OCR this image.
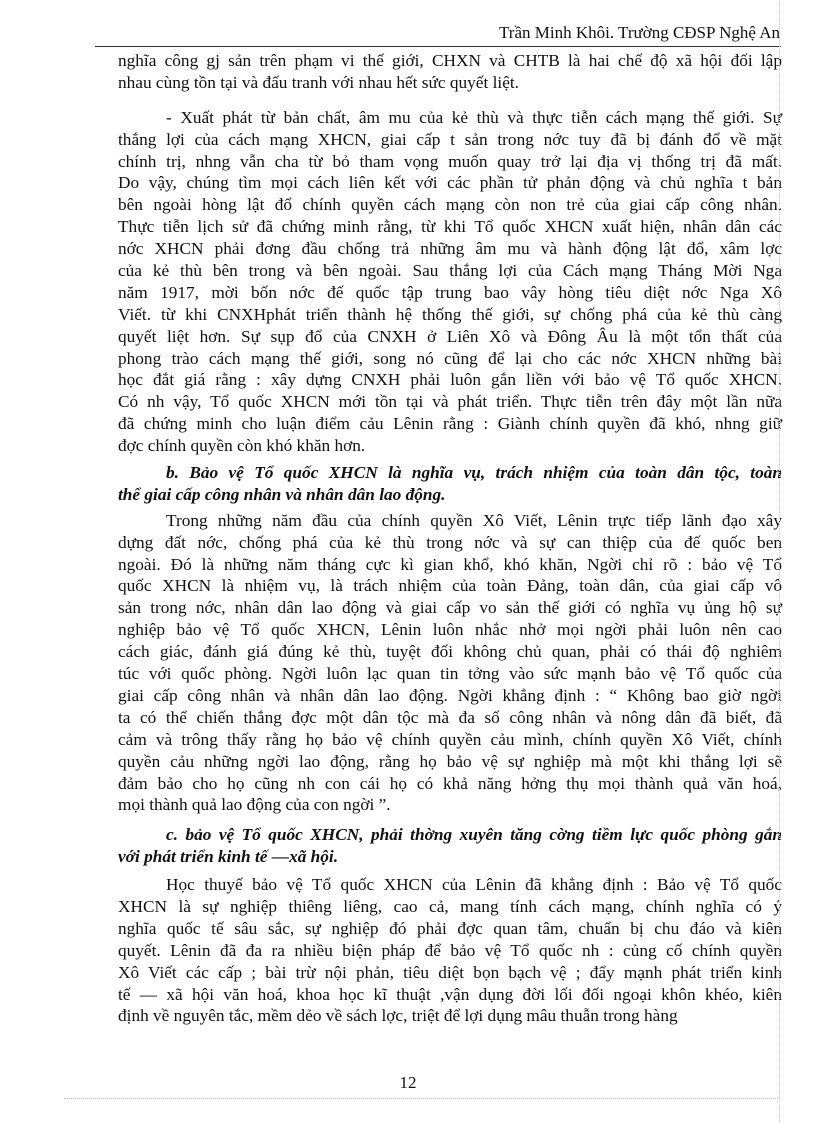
Trần Minh Khôi. Trường CĐSP Nghệ An
nghĩa công gj sản trên phạm vi thế giới, CHXN và CHTB là hai chế độ xã hội đối lập
nhau cùng tồn tại và đấu tranh với nhau hết sức quyết liệt.
- Xuất phát từ bản chất, âm mu của kẻ thù và thực tiễn cách mạng thế giới. Sự
thắng lợi của cách mạng XHCN, giai cấp t sản trong nớc tuy đã bị đánh đổ về mặt
chính trị, nhng vẫn cha từ bỏ tham vọng muốn quay trở lại địa vị thống trị đã mất.
Do vậy, chúng tìm mọi cách liên kết với các phần tử phản động và chủ nghĩa t bản
bên ngoài hòng lật đổ chính quyền cách mạng còn non trẻ của giai cấp công nhân.
Thực tiễn lịch sử đã chứng minh rằng, từ khi Tổ quốc XHCN xuất hiện, nhân dân các
nớc XHCN phải đơng đầu chống trả những âm mu và hành động lật đổ, xâm lợc
của kẻ thù bên trong và bên ngoài. Sau thắng lợi của Cách mạng Tháng Mời Nga
năm 1917, mời bốn nớc đế quốc tập trung bao vây hòng tiêu diệt nớc Nga Xô
Viết. từ khi CNXHphát triển thành hệ thống thế giới, sự chống phá của kẻ thù càng
quyết liệt hơn. Sự sụp đổ của CNXH ở Liên Xô và Đông Âu là một tổn thất của
phong trào cách mạng thế giới, song nó cũng để lại cho các nớc XHCN những bài
học đắt giá rằng : xây dựng CNXH phải luôn gắn liền với bảo vệ Tổ quốc XHCN.
Có nh vậy, Tổ quốc XHCN mới tồn tại và phát triển. Thực tiễn trên đây một lần nữa
đã chứng minh cho luận điểm cảu Lênin rằng : Giành chính quyền đã khó, nhng giữ
đợc chính quyền còn khó khăn hơn.
b. Bảo vệ Tổ quốc XHCN là nghĩa vụ, trách nhiệm của toàn dân tộc, toàn
thể giai cấp công nhân và nhân dân lao động.
Trong những năm đầu của chính quyền Xô Viết, Lênin trực tiếp lãnh đạo xây
dựng đất nớc, chống phá của kẻ thù trong nớc và sự can thiệp của đế quốc ben
ngoài. Đó là những năm tháng cực kì gian khổ, khó khăn, Ngời chỉ rõ : bảo vệ Tổ
quốc XHCN là nhiệm vụ, là trách nhiệm của toàn Đảng, toàn dân, của giai cấp vô
sản trong nớc, nhân dân lao động và giai cấp vo sản thế giới có nghĩa vụ ủng hộ sự
nghiệp bảo vệ Tổ quốc XHCN, Lênin luôn nhắc nhở mọi ngời phải luôn nên cao
cách giác, đánh giá đúng kẻ thù, tuyệt đối không chủ quan, phải có thái độ nghiêm
túc với quốc phòng. Ngời luôn lạc quan tin tởng vào sức mạnh bảo vệ Tổ quốc của
giai cấp công nhân và nhân dân lao động. Ngời khẳng định : “ Không bao giờ ngời
ta có thể chiến thắng đợc một dân tộc mà đa số công nhân và nông dân đã biết, đã
cảm và trông thấy rằng họ bảo vệ chính quyền cảu mình, chính quyền Xô Viết, chính
quyền cảu những ngời lao động, rằng họ bảo vệ sự nghiệp mà một khi thắng lợi sẽ
đảm bảo cho họ cũng nh con cái họ có khả năng hởng thụ mọi thành quả văn hoá,
mọi thành quả lao động của con ngời ”.
c. bảo vệ Tổ quốc XHCN, phải thờng xuyên tăng cờng tiềm lực quốc phòng gắn
với phát triển kinh tế —xã hội.
Học thuyế bảo vệ Tổ quốc XHCN của Lênin đã khẳng định : Bảo vệ Tổ quốc
XHCN là sự nghiệp thiêng liêng, cao cả, mang tính cách mạng, chính nghĩa có ý
nghĩa quốc tế sâu sắc, sự nghiệp đó phải đợc quan tâm, chuẩn bị chu đáo và kiên
quyết. Lênin đã đa ra nhiều biện pháp để bảo vệ Tổ quốc nh : củng cố chính quyền
Xô Viết các cấp ; bài trừ nội phản, tiêu diệt bọn bạch vệ ; đẩy mạnh phát triển kinh
tế — xã hội văn hoá, khoa học kĩ thuật ,vận dụng đời lối đối ngoại khôn khéo, kiên
định về nguyên tắc, mềm dẻo về sách lợc, triệt để lợi dụng mâu thuẫn trong hàng
12
